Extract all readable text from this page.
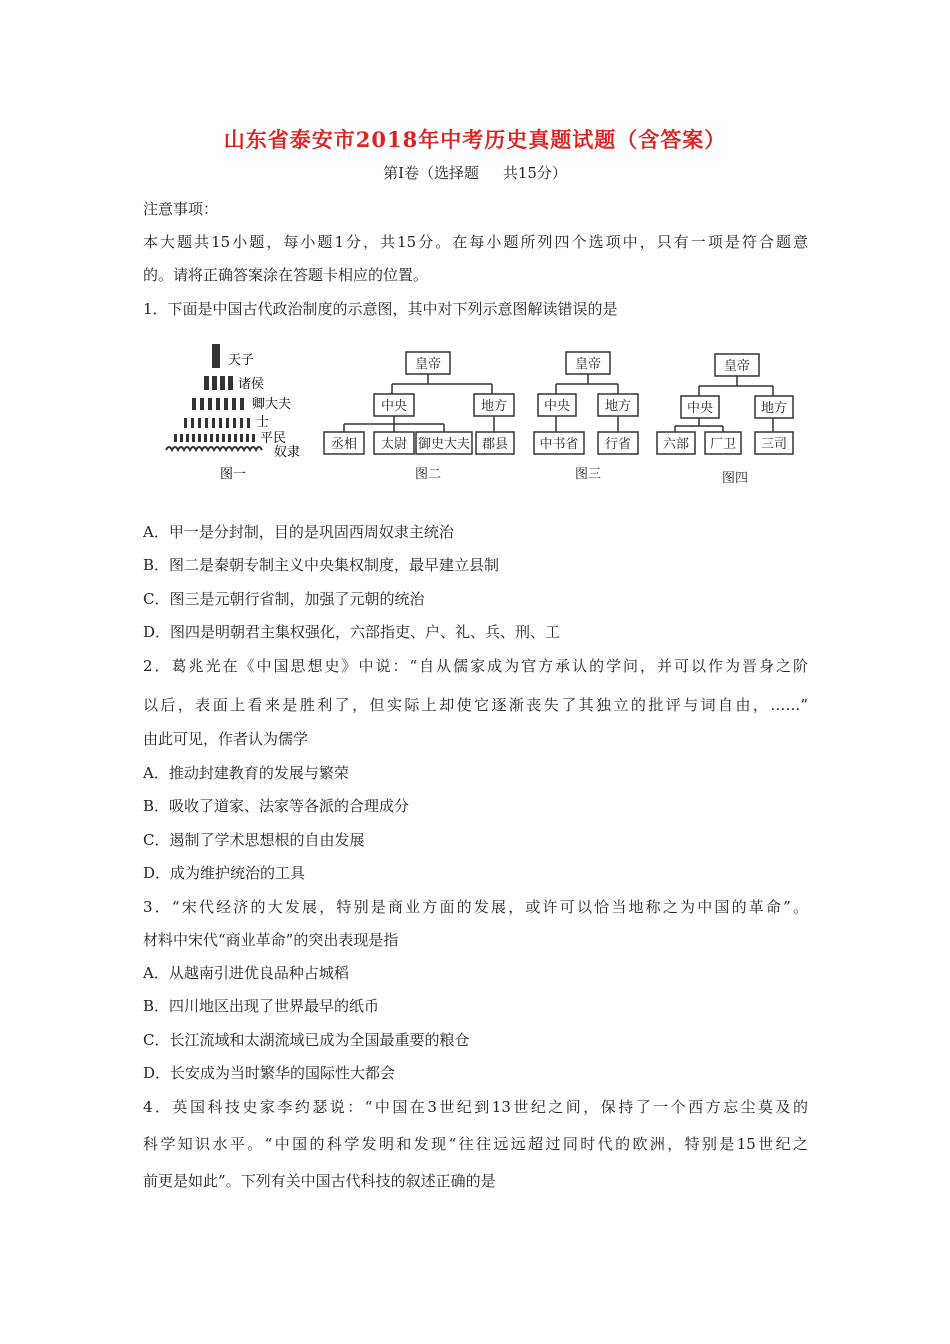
山东省泰安市2018年中考历史真题试题（含答案）
第Ⅰ卷（选择题     共15分）
注意事项：
本大题共15小题，每小题1分，共15分。在每小题所列四个选项中，只有一项是符合题意
的。请将正确答案涂在答题卡相应的位置。
1．下面是中国古代政治制度的示意图，其中对下列示意图解读错误的是
天子
诸侯
卿大夫
士
平民
奴隶
图一
皇帝
中央	地方
丞相 太尉 御史大夫 郡县
图二
皇帝
中央	地方
中书省 行省
图三
皇帝
中央	地方
六部 厂卫 三司
图四
A．甲一是分封制，目的是巩固西周奴隶主统治
B．图二是秦朝专制主义中央集权制度，最早建立县制
C．图三是元朝行省制，加强了元朝的统治
D．图四是明朝君主集权强化，六部指吏、户、礼、兵、刑、工
2．葛兆光在《中国思想史》中说：“自从儒家成为官方承认的学问，并可以作为晋身之阶
以后，表面上看来是胜利了，但实际上却使它逐渐丧失了其独立的批评与词自由，……”
由此可见，作者认为儒学
A．推动封建教育的发展与繁荣
B．吸收了道家、法家等各派的合理成分
C．遏制了学术思想根的自由发展
D．成为维护统治的工具
3．“宋代经济的大发展，特别是商业方面的发展，或许可以恰当地称之为中国的革命”。
材料中宋代“商业革命”的突出表现是指
A．从越南引进优良品种占城稻
B．四川地区出现了世界最早的纸币
C．长江流域和太湖流域已成为全国最重要的粮仓
D．长安成为当时繁华的国际性大都会
4．英国科技史家李约瑟说：“中国在3世纪到13世纪之间，保持了一个西方忘尘莫及的
科学知识水平。“中国的科学发明和发现“往往远远超过同时代的欧洲，特别是15世纪之
前更是如此”。下列有关中国古代科技的叙述正确的是
